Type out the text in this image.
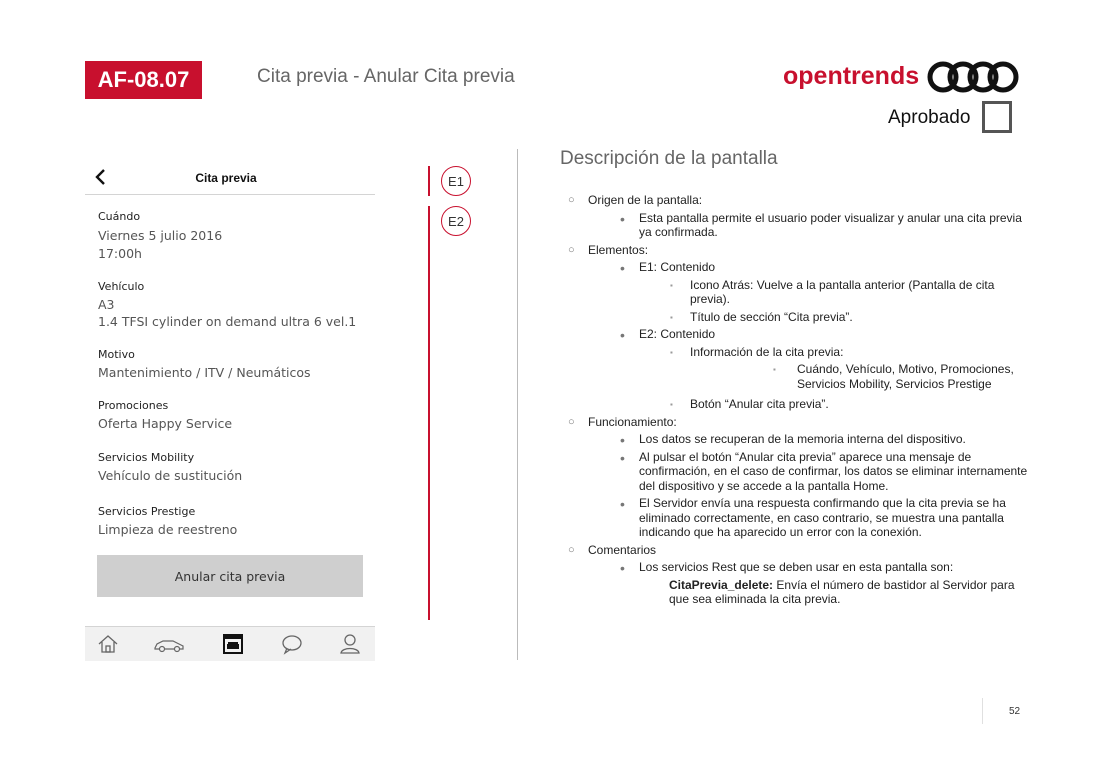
AF-08.07	Cita previa - Anular Cita previa	opentrends
Aprobado
Cita previa
Cuándo
Viernes 5 julio 2016
17:00h
Vehículo
A3
1.4 TFSI cylinder on demand ultra 6 vel.1
Motivo
Mantenimiento / ITV / Neumáticos
Promociones
Oferta Happy Service
Servicios Mobility
Vehículo de sustitución
Servicios Prestige
Limpieza de reestreno
Anular cita previa
E1
E2
Descripción de la pantalla
○ Origen de la pantalla:
• Esta pantalla permite el usuario poder visualizar y anular una cita previa ya confirmada.
○ Elementos:
• E1: Contenido
▪ Icono Atrás: Vuelve a la pantalla anterior (Pantalla de cita previa).
▪ Título de sección “Cita previa”.
• E2: Contenido
▪ Información de la cita previa:
▪ Cuándo, Vehículo, Motivo, Promociones, Servicios Mobility, Servicios Prestige
▪ Botón “Anular cita previa”.
○ Funcionamiento:
• Los datos se recuperan de la memoria interna del dispositivo.
• Al pulsar el botón “Anular cita previa” aparece una mensaje de confirmación, en el caso de confirmar, los datos se eliminar internamente del dispositivo y se accede a la pantalla Home.
• El Servidor envía una respuesta confirmando que la cita previa se ha eliminado correctamente, en caso contrario, se muestra una pantalla indicando que ha aparecido un error con la conexión.
○ Comentarios
• Los servicios Rest que se deben usar en esta pantalla son:
CitaPrevia_delete: Envía el número de bastidor al Servidor para que sea eliminada la cita previa.
52
